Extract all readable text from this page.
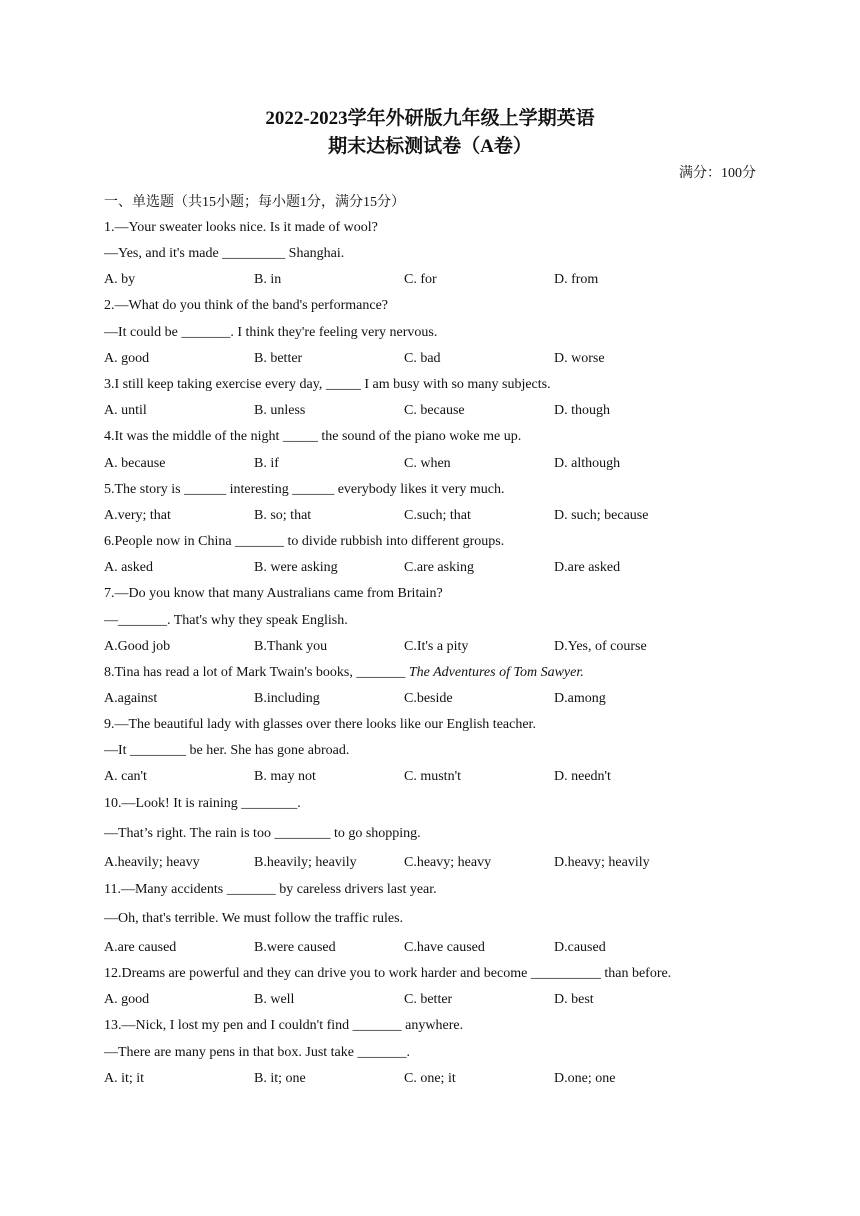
2022-2023学年外研版九年级上学期英语
期末达标测试卷（A卷）
满分：100分
一、单选题（共15小题；每小题1分，满分15分）
1.—Your sweater looks nice. Is it made of wool?
—Yes, and it's made _________ Shanghai.
A. by	B. in	C. for	D. from
2.—What do you think of the band's performance?
—It could be _______. I think they're feeling very nervous.
A. good	B. better	C. bad	D. worse
3.I still keep taking exercise every day, _____ I am busy with so many subjects.
A. until	B. unless	C. because	D. though
4.It was the middle of the night _____ the sound of the piano woke me up.
A. because	B. if	C. when	D. although
5.The story is ______ interesting ______ everybody likes it very much.
A.very; that	B. so; that	C.such; that	D. such; because
6.People now in China _______ to divide rubbish into different groups.
A. asked	B. were asking	C.are asking	D.are asked
7.—Do you know that many Australians came from Britain?
—_______. That's why they speak English.
A.Good job	B.Thank you	C.It's a pity	D.Yes, of course
8.Tina has read a lot of Mark Twain's books, _______ The Adventures of Tom Sawyer.
A.against	B.including	C.beside	D.among
9.—The beautiful lady with glasses over there looks like our English teacher.
—It ________ be her. She has gone abroad.
A. can't	B. may not	C. mustn't	D. needn't
10.—Look! It is raining ________.
—That’s right. The rain is too ________ to go shopping.
A.heavily; heavy	B.heavily; heavily	C.heavy; heavy	D.heavy; heavily
11.—Many accidents _______ by careless drivers last year.
—Oh, that's terrible. We must follow the traffic rules.
A.are caused	B.were caused	C.have caused	D.caused
12.Dreams are powerful and they can drive you to work harder and become __________ than before.
A. good	B. well	C. better	D. best
13.—Nick, I lost my pen and I couldn't find _______ anywhere.
—There are many pens in that box. Just take _______.
A. it; it	B. it; one	C. one; it	D.one; one
